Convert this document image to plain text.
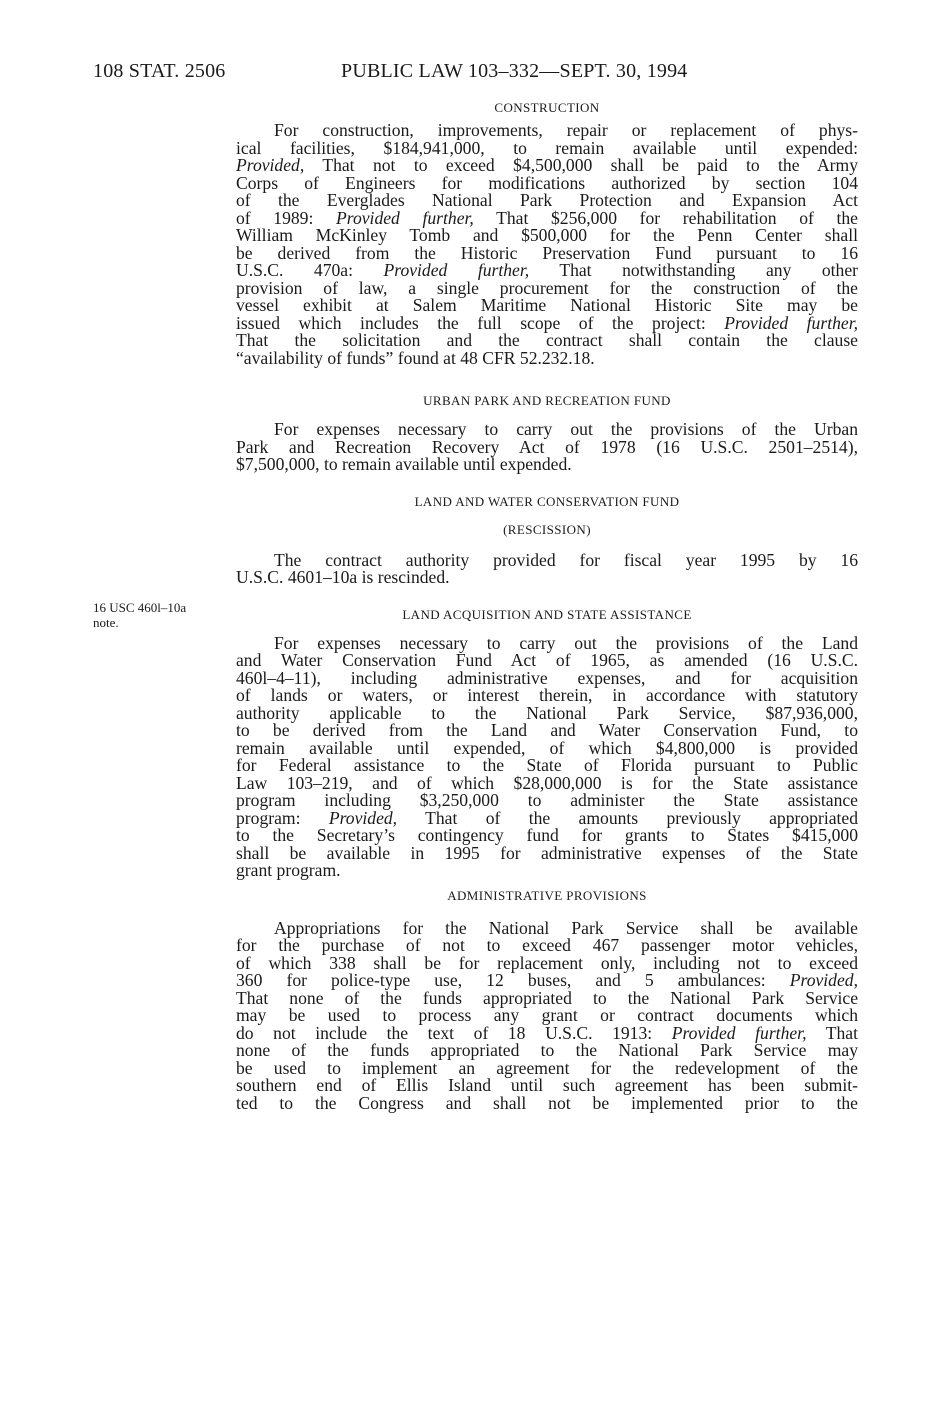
108 STAT. 2506	PUBLIC LAW 103–332—SEPT. 30, 1994
16 USC 460l–10a
note.
CONSTRUCTION

For construction, improvements, repair or replacement of phys-
ical facilities, $184,941,000, to remain available until expended:
Provided, That not to exceed $4,500,000 shall be paid to the Army
Corps of Engineers for modifications authorized by section 104
of the Everglades National Park Protection and Expansion Act
of 1989: Provided further, That $256,000 for rehabilitation of the
William McKinley Tomb and $500,000 for the Penn Center shall
be derived from the Historic Preservation Fund pursuant to 16
U.S.C. 470a: Provided further, That notwithstanding any other
provision of law, a single procurement for the construction of the
vessel exhibit at Salem Maritime National Historic Site may be
issued which includes the full scope of the project: Provided further,
That the solicitation and the contract shall contain the clause
“availability of funds” found at 48 CFR 52.232.18.

URBAN PARK AND RECREATION FUND

For expenses necessary to carry out the provisions of the Urban
Park and Recreation Recovery Act of 1978 (16 U.S.C. 2501–2514),
$7,500,000, to remain available until expended.

LAND AND WATER CONSERVATION FUND
(RESCISSION)

The contract authority provided for fiscal year 1995 by 16
U.S.C. 4601–10a is rescinded.

LAND ACQUISITION AND STATE ASSISTANCE

For expenses necessary to carry out the provisions of the Land
and Water Conservation Fund Act of 1965, as amended (16 U.S.C.
460l–4–11), including administrative expenses, and for acquisition
of lands or waters, or interest therein, in accordance with statutory
authority applicable to the National Park Service, $87,936,000,
to be derived from the Land and Water Conservation Fund, to
remain available until expended, of which $4,800,000 is provided
for Federal assistance to the State of Florida pursuant to Public
Law 103–219, and of which $28,000,000 is for the State assistance
program including $3,250,000 to administer the State assistance
program: Provided, That of the amounts previously appropriated
to the Secretary’s contingency fund for grants to States $415,000
shall be available in 1995 for administrative expenses of the State
grant program.

ADMINISTRATIVE PROVISIONS

Appropriations for the National Park Service shall be available
for the purchase of not to exceed 467 passenger motor vehicles,
of which 338 shall be for replacement only, including not to exceed
360 for police-type use, 12 buses, and 5 ambulances: Provided,
That none of the funds appropriated to the National Park Service
may be used to process any grant or contract documents which
do not include the text of 18 U.S.C. 1913: Provided further, That
none of the funds appropriated to the National Park Service may
be used to implement an agreement for the redevelopment of the
southern end of Ellis Island until such agreement has been submit-
ted to the Congress and shall not be implemented prior to the
